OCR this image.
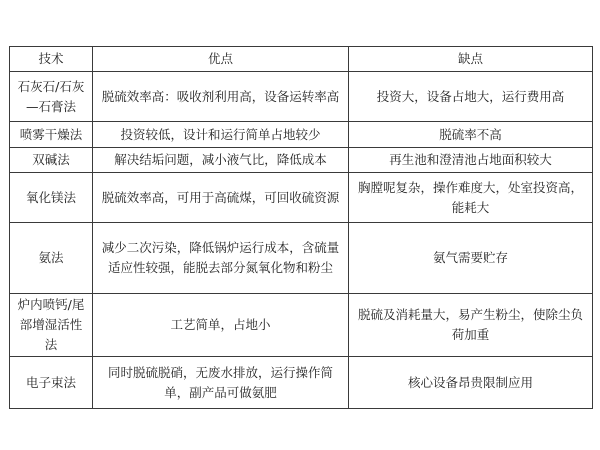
技术	优点	缺点
石灰石/石灰—石膏法	脱硫效率高：吸收剂利用高，设备运转率高	投资大，设备占地大，运行费用高
喷雾干燥法	投资较低，设计和运行简单占地较少	脱硫率不高
双碱法	解决结垢问题，减小液气比，降低成本	再生池和澄清池占地面积较大
氧化镁法	脱硫效率高，可用于高硫煤，可回收硫资源	胸膛呢复杂，操作难度大，处室投资高，能耗大
氨法	减少二次污染，降低锅炉运行成本，含硫量适应性较强，能脱去部分氮氧化物和粉尘	氨气需要贮存
炉内喷钙/尾部增湿活性法	工艺简单，占地小	脱硫及消耗量大，易产生粉尘，使除尘负荷加重
电子束法	同时脱硫脱硝，无废水排放，运行操作简单，副产品可做氨肥	核心设备昂贵限制应用
